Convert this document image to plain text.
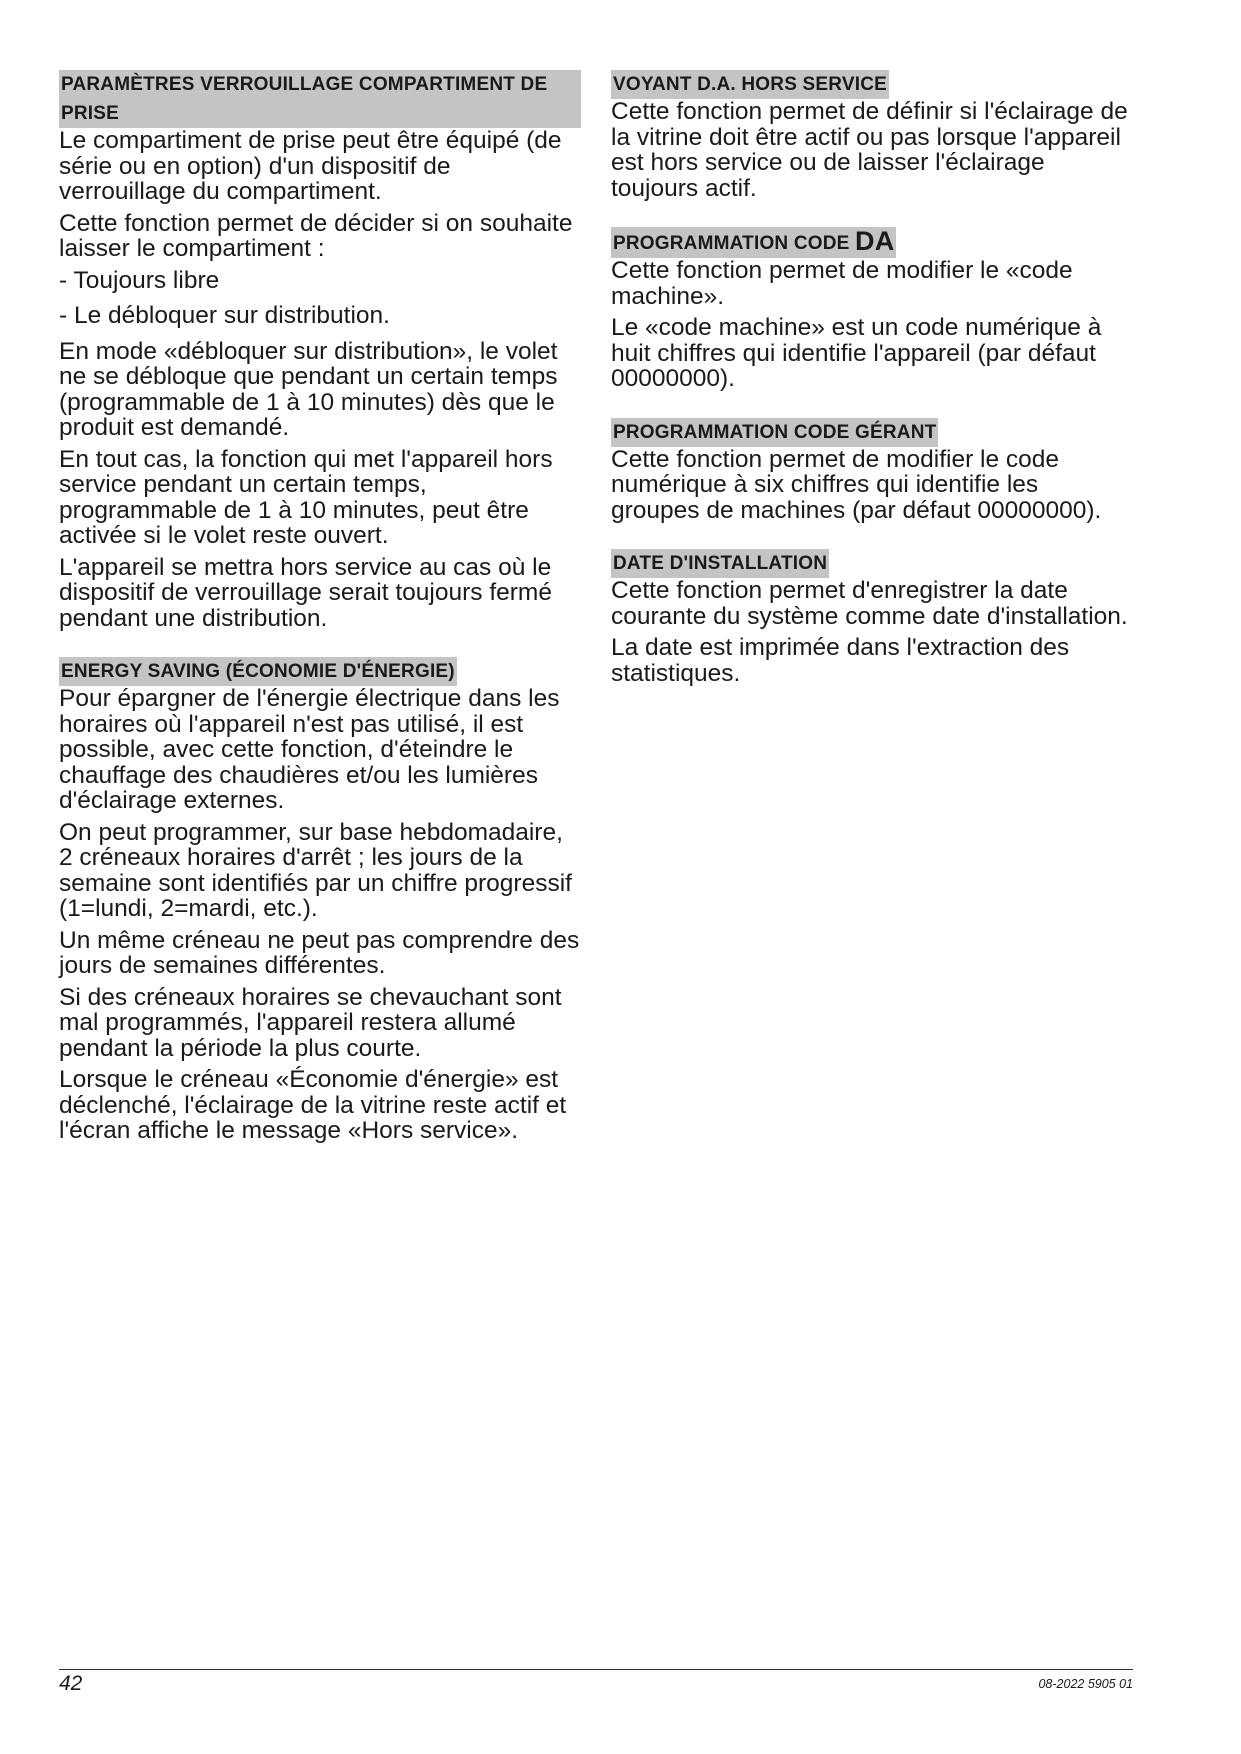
PARAMÈTRES VERROUILLAGE COMPARTIMENT DE PRISE

Le compartiment de prise peut être équipé (de série ou en option) d'un dispositif de verrouillage du compartiment.

Cette fonction permet de décider si on souhaite laisser le compartiment :

- Toujours libre

- Le débloquer sur distribution.

En mode «débloquer sur distribution», le volet ne se débloque que pendant un certain temps (programmable de 1 à 10 minutes) dès que le produit est demandé.

En tout cas, la fonction qui met l'appareil hors service pendant un certain temps, programmable de 1 à 10 minutes, peut être activée si le volet reste ouvert.

L'appareil se mettra hors service au cas où le dispositif de verrouillage serait toujours fermé pendant une distribution.

ENERGY SAVING (ÉCONOMIE D'ÉNERGIE)

Pour épargner de l'énergie électrique dans les horaires où l'appareil n'est pas utilisé, il est possible, avec cette fonction, d'éteindre le chauffage des chaudières et/ou les lumières d'éclairage externes.

On peut programmer, sur base hebdomadaire, 2 créneaux horaires d'arrêt ; les jours de la semaine sont identifiés par un chiffre progressif (1=lundi, 2=mardi, etc.).

Un même créneau ne peut pas comprendre des jours de semaines différentes.

Si des créneaux horaires se chevauchant sont mal programmés, l'appareil restera allumé pendant la période la plus courte.

Lorsque le créneau «Économie d'énergie» est déclenché, l'éclairage de la vitrine reste actif et l'écran affiche le message «Hors service».

VOYANT D.A. HORS SERVICE

Cette fonction permet de définir si l'éclairage de la vitrine doit être actif ou pas lorsque l'appareil est hors service ou de laisser l'éclairage toujours actif.

PROGRAMMATION CODE DA

Cette fonction permet de modifier le «code machine».

Le «code machine» est un code numérique à huit chiffres qui identifie l'appareil (par défaut 00000000).

PROGRAMMATION CODE GÉRANT

Cette fonction permet de modifier le code numérique à six chiffres qui identifie les groupes de machines (par défaut 00000000).

DATE D'INSTALLATION

Cette fonction permet d'enregistrer la date courante du système comme date d'installation.

La date est imprimée dans l'extraction des statistiques.

42	08-2022 5905 01
